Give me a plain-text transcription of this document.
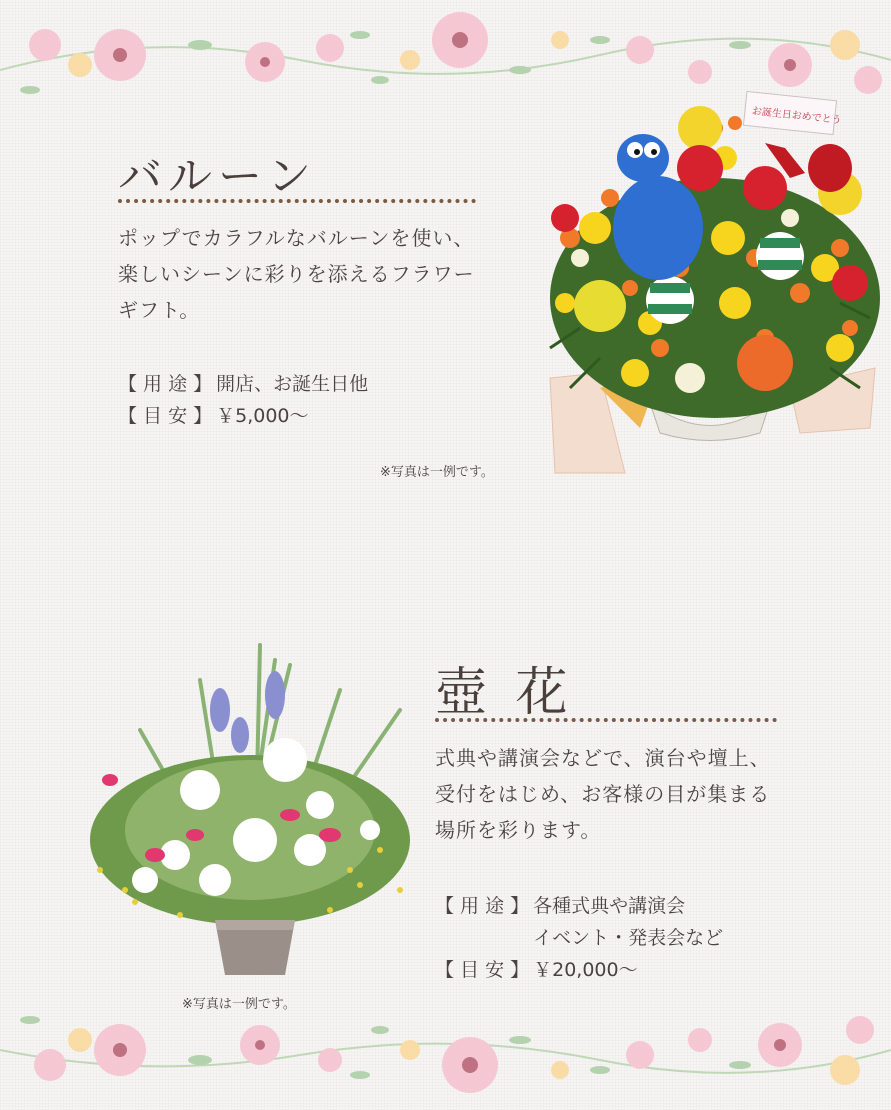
バルーン

ポップでカラフルなバルーンを使い、楽しいシーンに彩りを添えるフラワーギフト。

【 用 途 】 開店、お誕生日他
【 目 安 】 ￥5,000～
※写真は一例です。
お誕生日おめでとう
壺 花

式典や講演会などで、演台や壇上、受付をはじめ、お客様の目が集まる場所を彩ります。

【 用 途 】 各種式典や講演会
イベント・発表会など
【 目 安 】 ￥20,000～
※写真は一例です。
